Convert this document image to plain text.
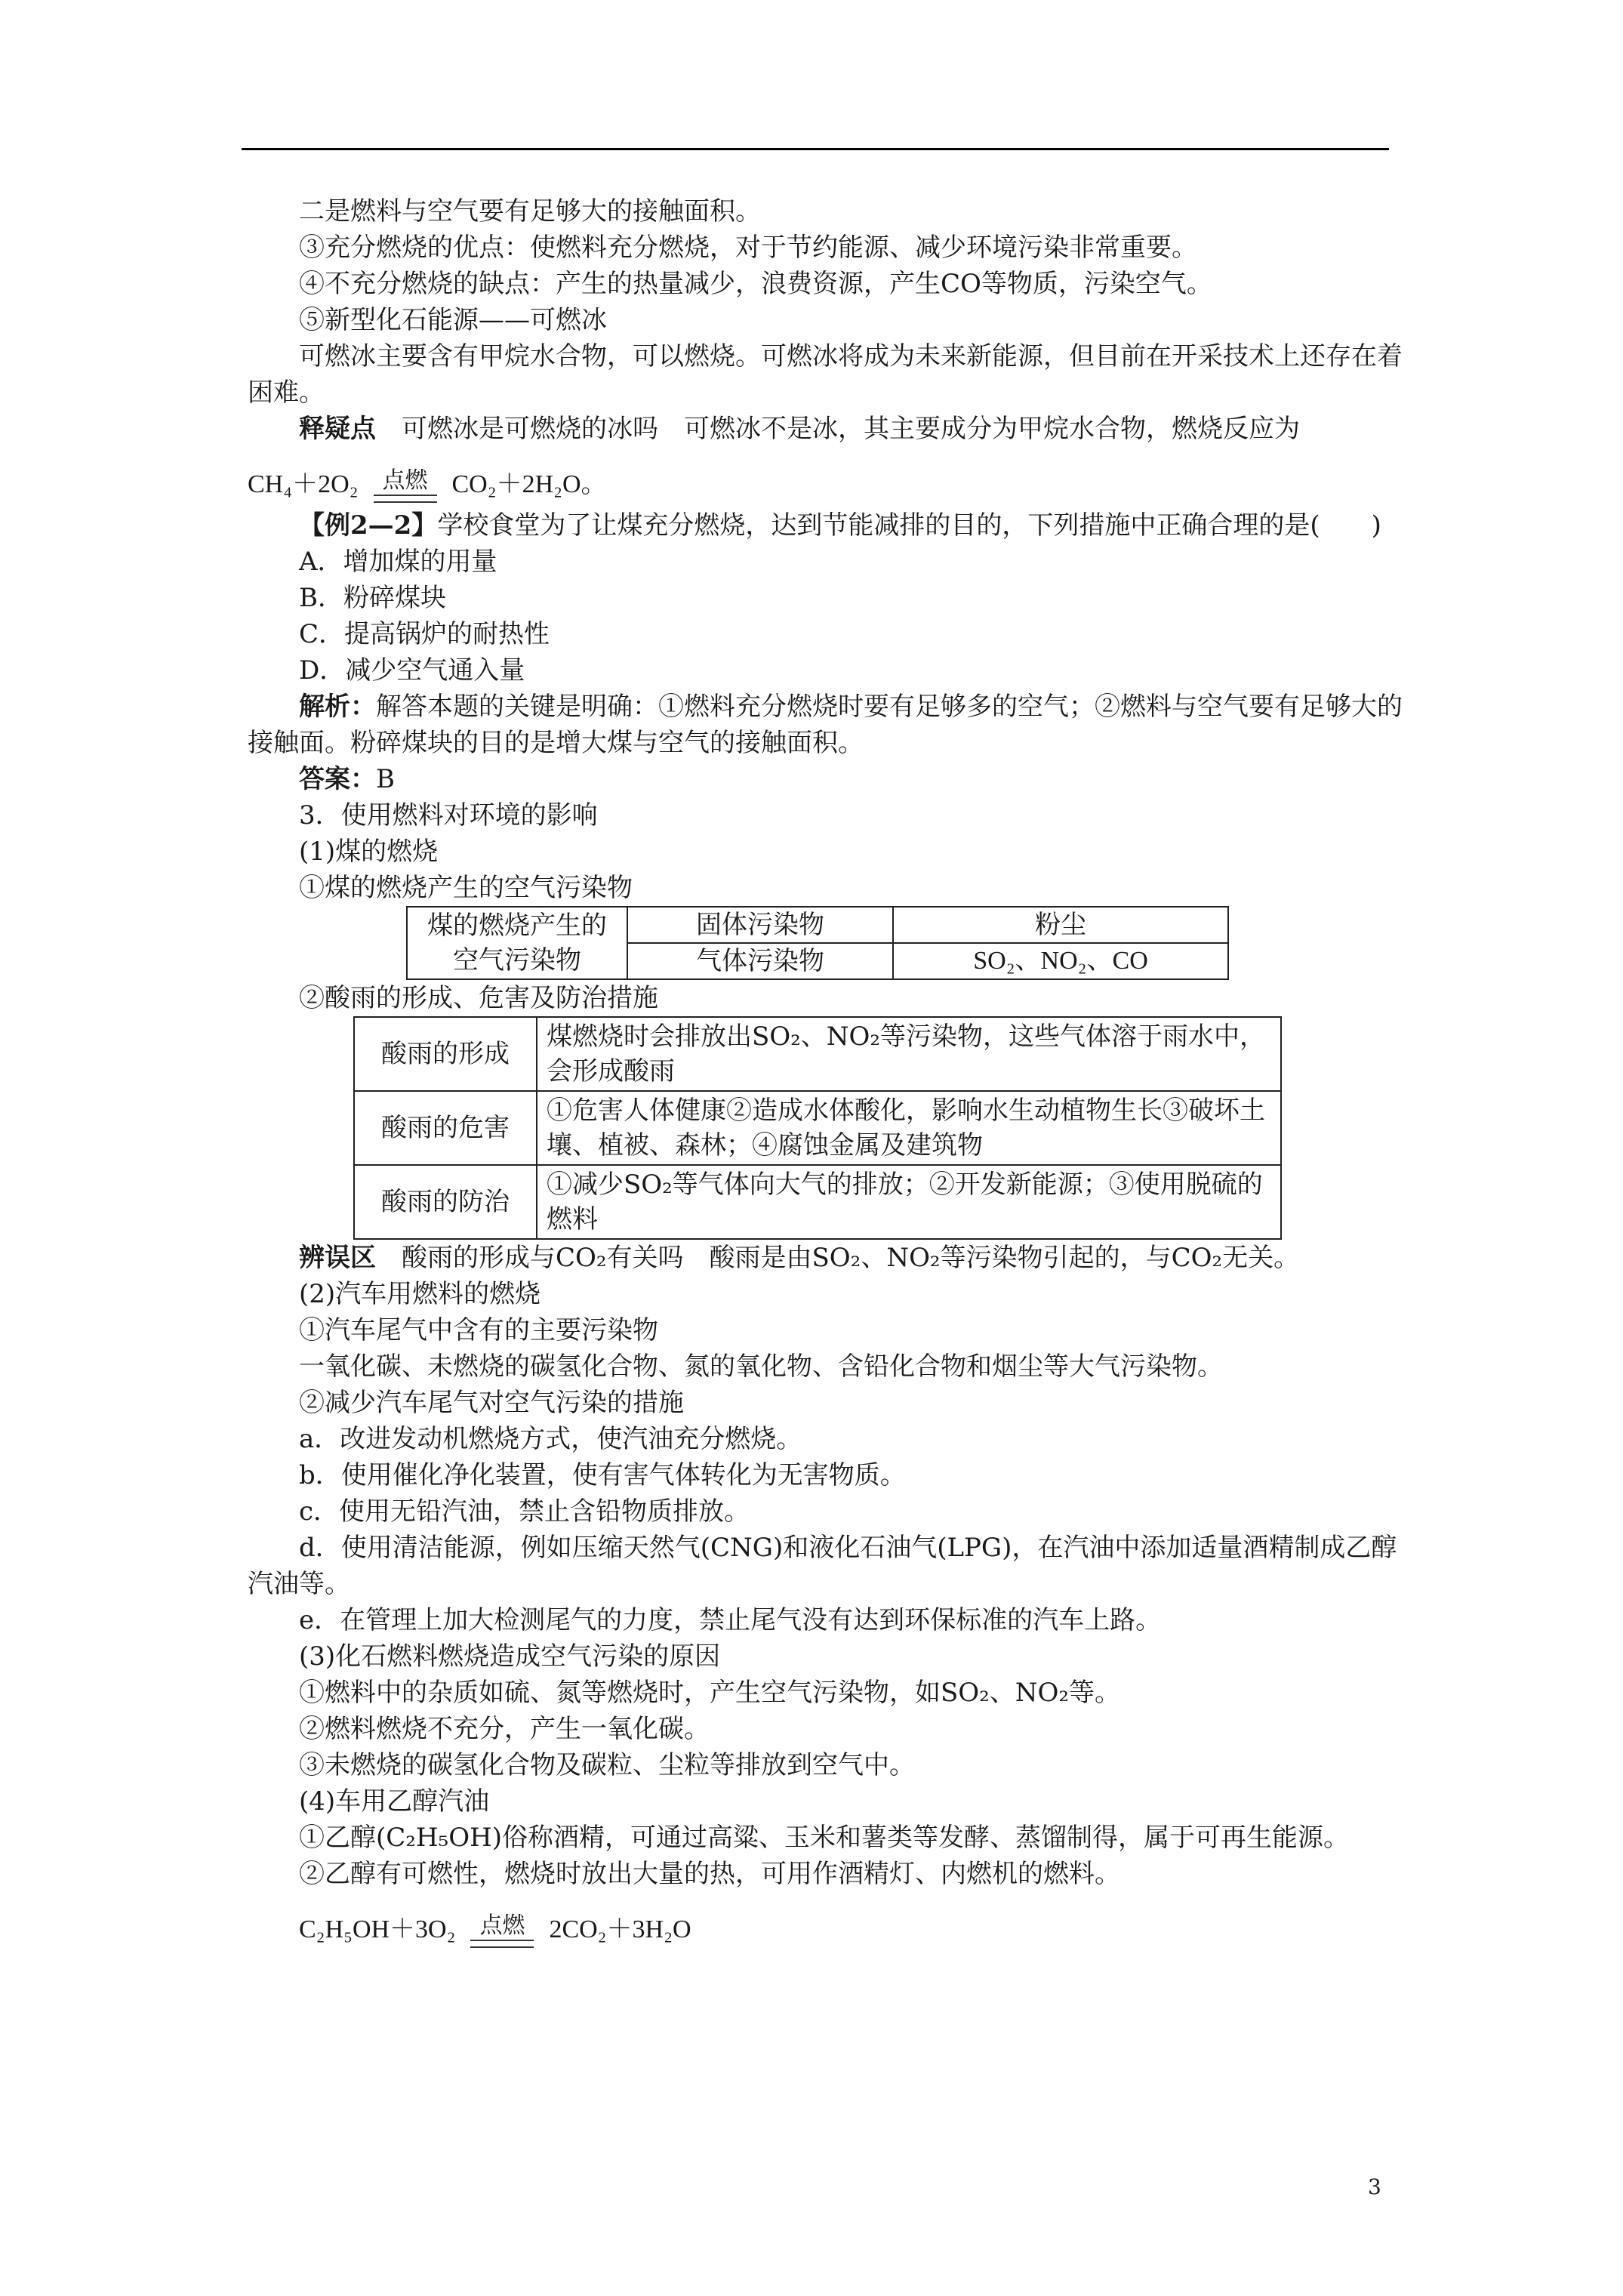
二是燃料与空气要有足够大的接触面积。

③充分燃烧的优点：使燃料充分燃烧，对于节约能源、减少环境污染非常重要。

④不充分燃烧的缺点：产生的热量减少，浪费资源，产生CO等物质，污染空气。

⑤新型化石能源——可燃冰

可燃冰主要含有甲烷水合物，可以燃烧。可燃冰将成为未来新能源，但目前在开采技术上还存在着困难。

释疑点　 可燃冰是可燃烧的冰吗　可燃冰不是冰，其主要成分为甲烷水合物，燃烧反应为

CH₄＋2O₂ 点燃 CO₂＋2H₂O。

【例2—2】学校食堂为了让煤充分燃烧，达到节能减排的目的，下列措施中正确合理的是(　　)

A．增加煤的用量

B．粉碎煤块

C．提高锅炉的耐热性

D．减少空气通入量

解析：解答本题的关键是明确：①燃料充分燃烧时要有足够多的空气；②燃料与空气要有足够大的接触面。粉碎煤块的目的是增大煤与空气的接触面积。

答案：B

3．使用燃料对环境的影响

(1)煤的燃烧

①煤的燃烧产生的空气污染物

煤的燃烧产生的空气污染物	固体污染物	粉尘
	气体污染物	SO₂、NO₂、CO

②酸雨的形成、危害及防治措施

酸雨的形成	煤燃烧时会排放出SO₂、NO₂等污染物，这些气体溶于雨水中，会形成酸雨
酸雨的危害	①危害人体健康②造成水体酸化，影响水生动植物生长③破坏土壤、植被、森林；④腐蚀金属及建筑物
酸雨的防治	①减少SO₂等气体向大气的排放；②开发新能源；③使用脱硫的燃料

辨误区　 酸雨的形成与CO₂有关吗　酸雨是由SO₂、NO₂等污染物引起的，与CO₂无关。

(2)汽车用燃料的燃烧

①汽车尾气中含有的主要污染物

一氧化碳、未燃烧的碳氢化合物、氮的氧化物、含铅化合物和烟尘等大气污染物。

②减少汽车尾气对空气污染的措施

a．改进发动机燃烧方式，使汽油充分燃烧。

b．使用催化净化装置，使有害气体转化为无害物质。

c．使用无铅汽油，禁止含铅物质排放。

d．使用清洁能源，例如压缩天然气(CNG)和液化石油气(LPG)，在汽油中添加适量酒精制成乙醇汽油等。

e．在管理上加大检测尾气的力度，禁止尾气没有达到环保标准的汽车上路。

(3)化石燃料燃烧造成空气污染的原因

①燃料中的杂质如硫、氮等燃烧时，产生空气污染物，如SO₂、NO₂等。

②燃料燃烧不充分，产生一氧化碳。

③未燃烧的碳氢化合物及碳粒、尘粒等排放到空气中。

(4)车用乙醇汽油

①乙醇(C₂H₅OH)俗称酒精，可通过高粱、玉米和薯类等发酵、蒸馏制得，属于可再生能源。

②乙醇有可燃性，燃烧时放出大量的热，可用作酒精灯、内燃机的燃料。

C₂H₅OH＋3O₂ 点燃 2CO₂＋3H₂O
3
